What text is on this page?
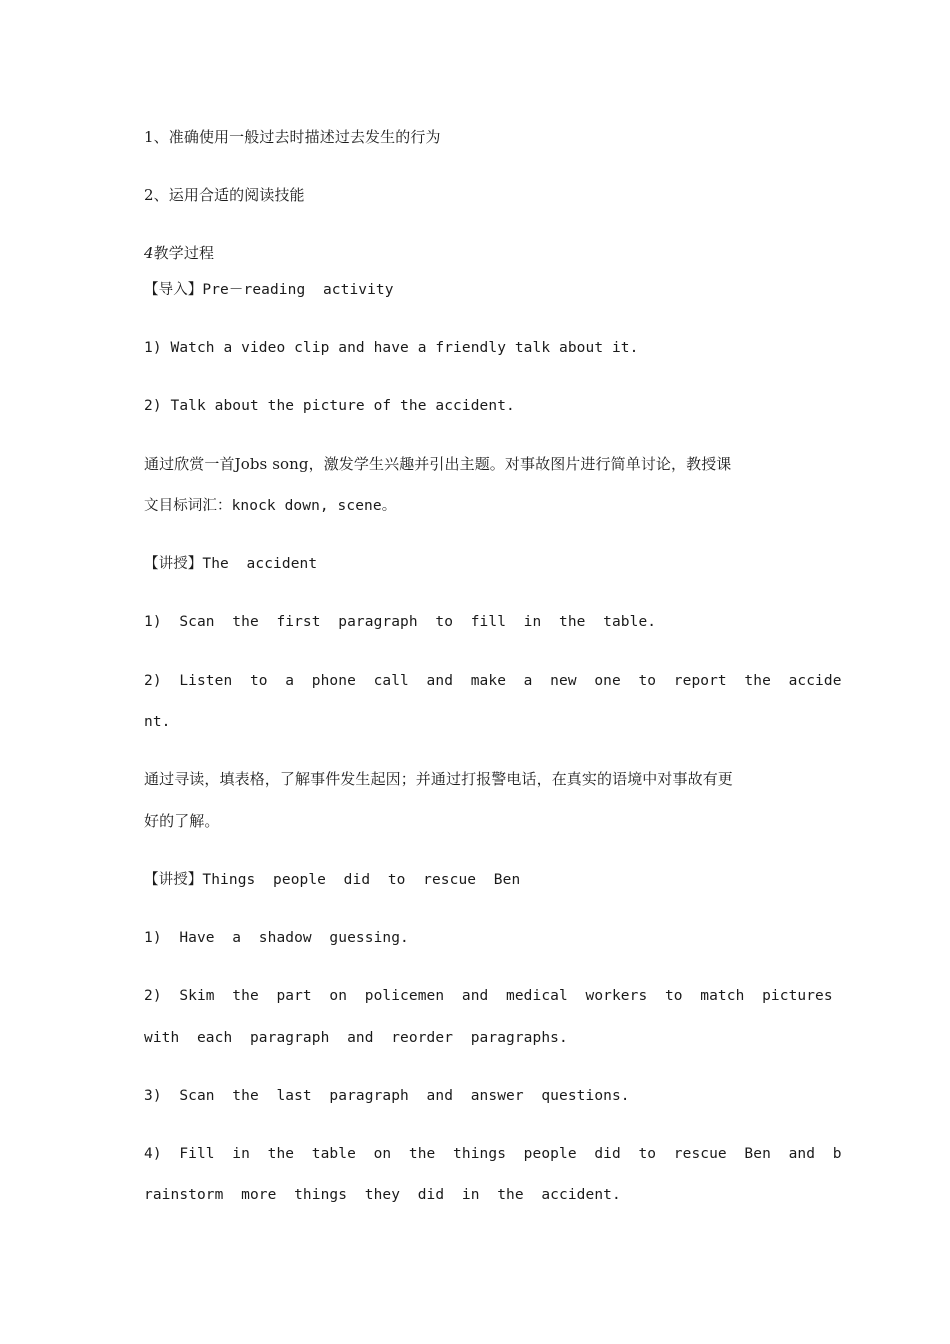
1、准确使用一般过去时描述过去发生的行为
2、运用合适的阅读技能
4教学过程
【导入】Pre－reading  activity
1) Watch a video clip and have a friendly talk about it.
2) Talk about the picture of the accident.
通过欣赏一首Jobs song，激发学生兴趣并引出主题。对事故图片进行简单讨论，教授课
文目标词汇：knock down, scene。
【讲授】The  accident
1)  Scan  the  first  paragraph  to  fill  in  the  table.
2)  Listen  to  a  phone  call  and  make  a  new  one  to  report  the  accide
nt.
通过寻读，填表格，了解事件发生起因；并通过打报警电话，在真实的语境中对事故有更
好的了解。
【讲授】Things  people  did  to  rescue  Ben
1)  Have  a  shadow  guessing.
2)  Skim  the  part  on  policemen  and  medical  workers  to  match  pictures
with  each  paragraph  and  reorder  paragraphs.
3)  Scan  the  last  paragraph  and  answer  questions.
4)  Fill  in  the  table  on  the  things  people  did  to  rescue  Ben  and  b
rainstorm  more  things  they  did  in  the  accident.
